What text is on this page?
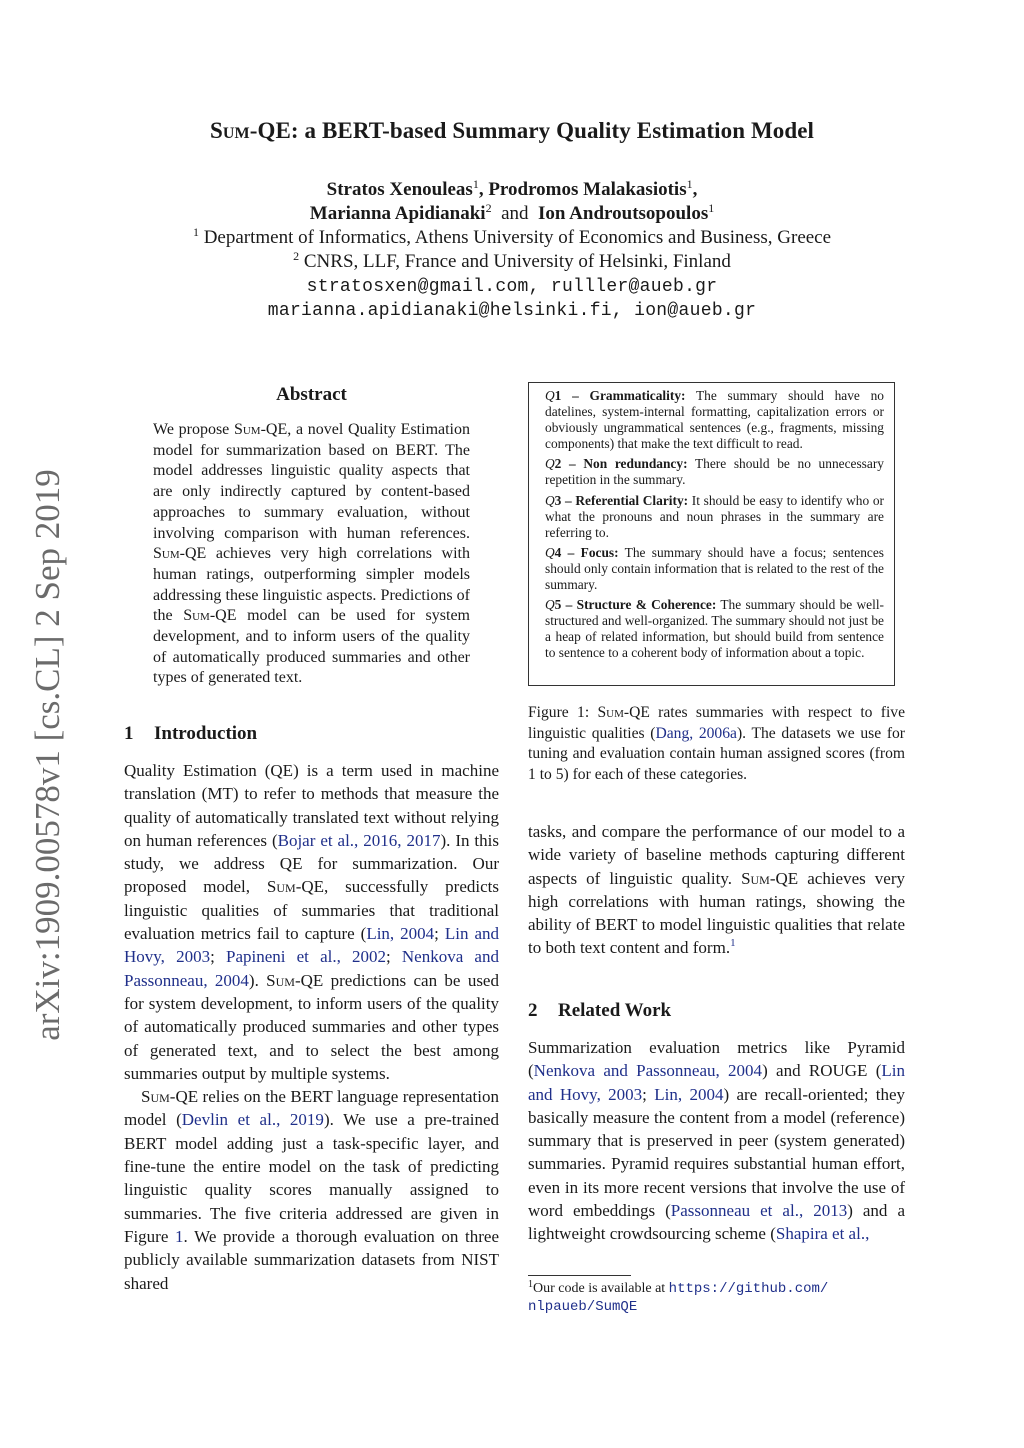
arXiv:1909.00578v1 [cs.CL] 2 Sep 2019
Sum-QE: a BERT-based Summary Quality Estimation Model
Stratos Xenouleas$^1$, Prodromos Malakasiotis$^1$,
Marianna Apidianaki$^2$ and Ion Androutsopoulos$^1$
$^1$ Department of Informatics, Athens University of Economics and Business, Greece
$^2$ CNRS, LLF, France and University of Helsinki, Finland
stratosxen@gmail.com, rulller@aueb.gr
marianna.apidianaki@helsinki.fi, ion@aueb.gr
Abstract
We propose Sum-QE, a novel Quality Estimation model for summarization based on BERT. The model addresses linguistic quality aspects that are only indirectly captured by content-based approaches to summary evaluation, without involving comparison with human references. Sum-QE achieves very high correlations with human ratings, outperforming simpler models addressing these linguistic aspects. Predictions of the Sum-QE model can be used for system development, and to inform users of the quality of automatically produced summaries and other types of generated text.
1 Introduction
Quality Estimation (QE) is a term used in machine translation (MT) to refer to methods that measure the quality of automatically translated text without relying on human references (Bojar et al., 2016, 2017). In this study, we address QE for summarization. Our proposed model, Sum-QE, successfully predicts linguistic qualities of summaries that traditional evaluation metrics fail to capture (Lin, 2004; Lin and Hovy, 2003; Papineni et al., 2002; Nenkova and Passonneau, 2004). Sum-QE predictions can be used for system development, to inform users of the quality of automatically produced summaries and other types of generated text, and to select the best among summaries output by multiple systems.
Sum-QE relies on the BERT language representation model (Devlin et al., 2019). We use a pre-trained BERT model adding just a task-specific layer, and fine-tune the entire model on the task of predicting linguistic quality scores manually assigned to summaries. The five criteria addressed are given in Figure 1. We provide a thorough evaluation on three publicly available summarization datasets from NIST shared

Q1 – Grammaticality: The summary should have no datelines, system-internal formatting, capitalization errors or obviously ungrammatical sentences (e.g., fragments, missing components) that make the text difficult to read.

Q2 – Non redundancy: There should be no unnecessary repetition in the summary.

Q3 – Referential Clarity: It should be easy to identify who or what the pronouns and noun phrases in the summary are referring to.

Q4 – Focus: The summary should have a focus; sentences should only contain information that is related to the rest of the summary.

Q5 – Structure & Coherence: The summary should be well-structured and well-organized. The summary should not just be a heap of related information, but should build from sentence to sentence to a coherent body of information about a topic.

Figure 1: Sum-QE rates summaries with respect to five linguistic qualities (Dang, 2006a). The datasets we use for tuning and evaluation contain human assigned scores (from 1 to 5) for each of these categories.
tasks, and compare the performance of our model to a wide variety of baseline methods capturing different aspects of linguistic quality. Sum-QE achieves very high correlations with human ratings, showing the ability of BERT to model linguistic qualities that relate to both text content and form.$^1$
2 Related Work
Summarization evaluation metrics like Pyramid (Nenkova and Passonneau, 2004) and ROUGE (Lin and Hovy, 2003; Lin, 2004) are recall-oriented; they basically measure the content from a model (reference) summary that is preserved in peer (system generated) summaries. Pyramid requires substantial human effort, even in its more recent versions that involve the use of word embeddings (Passonneau et al., 2013) and a lightweight crowdsourcing scheme (Shapira et al.,
$^1$Our code is available at https://github.com/
nlpaueb/SumQE
